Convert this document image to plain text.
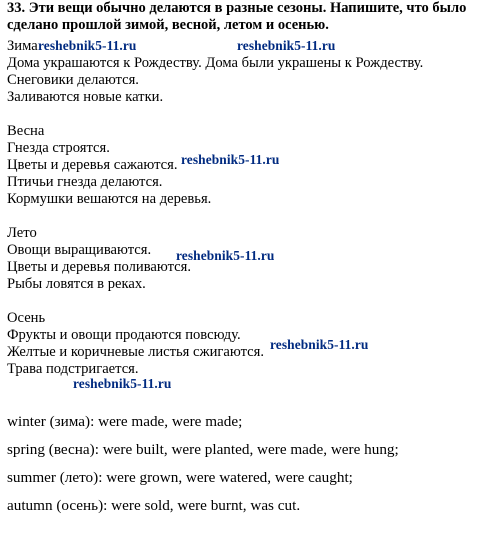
33. Эти вещи обычно делаются в разные сезоны. Напишите, что было сделано прошлой зимой, весной, летом и осенью.

Зима reshebnik5-11.ru	reshebnik5-11.ru

Дома украшаются к Рождеству. Дома были украшены к Рождеству.

Снеговики делаются.

Заливаются новые катки.

Весна

Гнезда строятся.

Цветы и деревья сажаются. reshebnik5-11.ru

Птичьи гнезда делаются.

Кормушки вешаются на деревья.

Лето

Овощи выращиваются. reshebnik5-11.ru

Цветы и деревья поливаются.

Рыбы ловятся в реках.

Осень

Фрукты и овощи продаются повсюду.

reshebnik5-11.ru

Желтые и коричневые листья сжигаются.

Трава подстригается.

reshebnik5-11.ru

winter (зима): were made, were made;

spring (весна): were built, were planted, were made, were hung;

summer (лето): were grown, were watered, were caught;

autumn (осень): were sold, were burnt, was cut.
